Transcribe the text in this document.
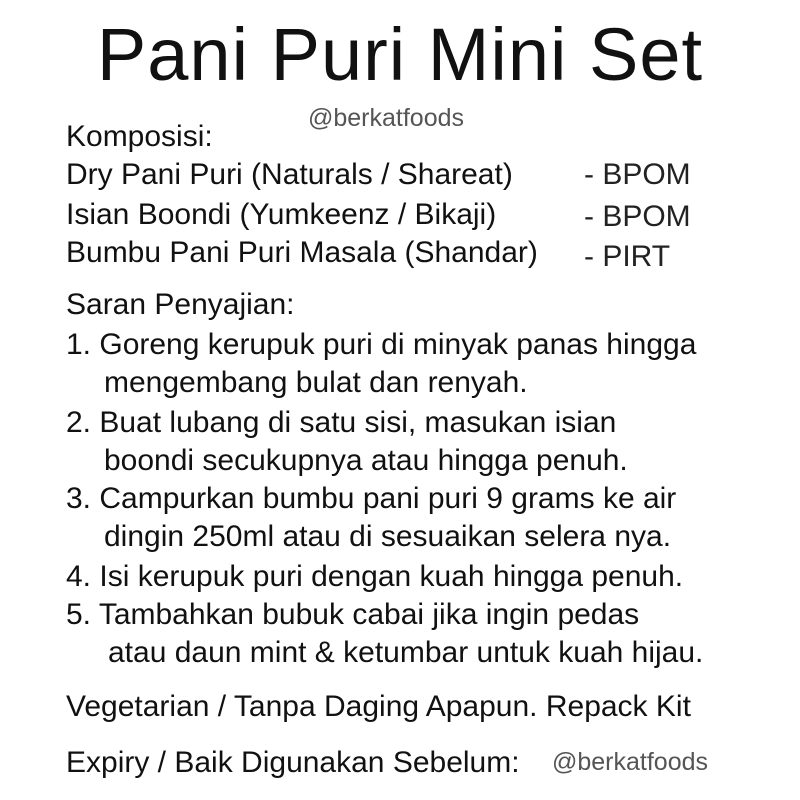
Pani Puri Mini Set
@berkatfoods
Komposisi:
Dry Pani Puri (Naturals / Shareat) - BPOM
Isian Boondi (Yumkeenz / Bikaji)	- BPOM
Bumbu Pani Puri Masala (Shandar) - PIRT
Saran Penyajian:
1. Goreng kerupuk puri di minyak panas hingga
mengembang bulat dan renyah.
2. Buat lubang di satu sisi, masukan isian
boondi secukupnya atau hingga penuh.
3. Campurkan bumbu pani puri 9 grams ke air
dingin 250ml atau di sesuaikan selera nya.
4. Isi kerupuk puri dengan kuah hingga penuh.
5. Tambahkan bubuk cabai jika ingin pedas
atau daun mint & ketumbar untuk kuah hijau.
Vegetarian / Tanpa Daging Apapun. Repack Kit
Expiry / Baik Digunakan Sebelum: @berkatfoods
